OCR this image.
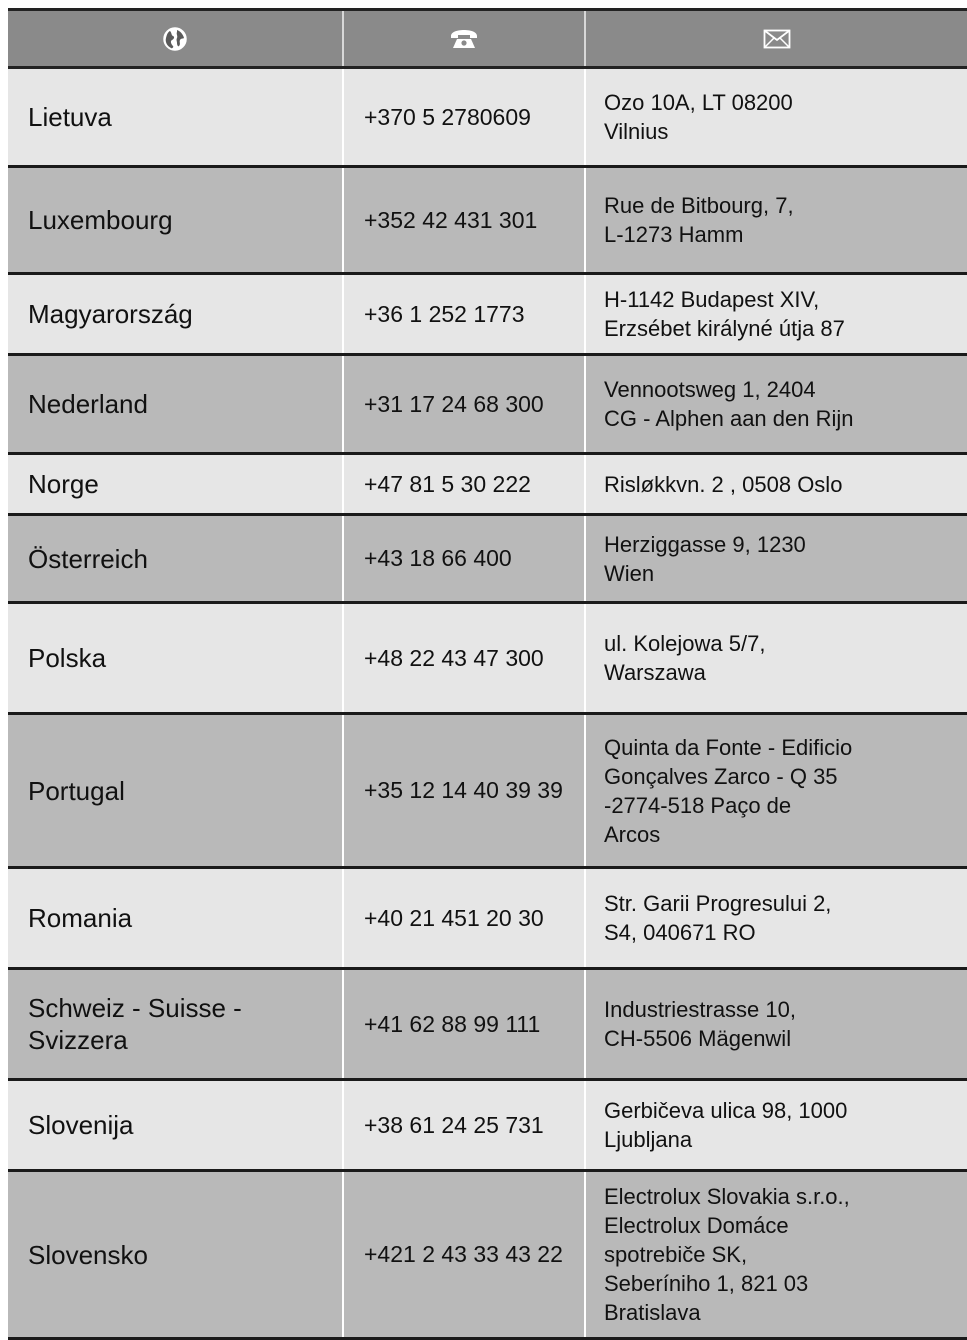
Lietuva	+370 5 2780609	Ozo 10A, LT 08200
Vilnius

Luxembourg	+352 42 431 301	Rue de Bitbourg, 7,
L-1273 Hamm

Magyarország	+36 1 252 1773	H-1142 Budapest XIV,
Erzsébet királyné útja 87

Nederland	+31 17 24 68 300	Vennootsweg 1, 2404
CG - Alphen aan den Rijn

Norge	+47 81 5 30 222	Risløkkvn. 2 , 0508 Oslo

Österreich	+43 18 66 400	Herziggasse 9, 1230
Wien

Polska	+48 22 43 47 300	ul. Kolejowa 5/7,
Warszawa

Portugal	+35 12 14 40 39 39	Quinta da Fonte - Edificio
Gonçalves Zarco - Q 35
-2774-518 Paço de
Arcos

Romania	+40 21 451 20 30	Str. Garii Progresului 2,
S4, 040671 RO

Schweiz - Suisse -
Svizzera	+41 62 88 99 111	Industriestrasse 10,
CH-5506 Mägenwil

Slovenija	+38 61 24 25 731	Gerbičeva ulica 98, 1000
Ljubljana

Slovensko	+421 2 43 33 43 22	Electrolux Slovakia s.r.o.,
Electrolux Domáce
spotrebiče SK,
Seberíniho 1, 821 03
Bratislava
